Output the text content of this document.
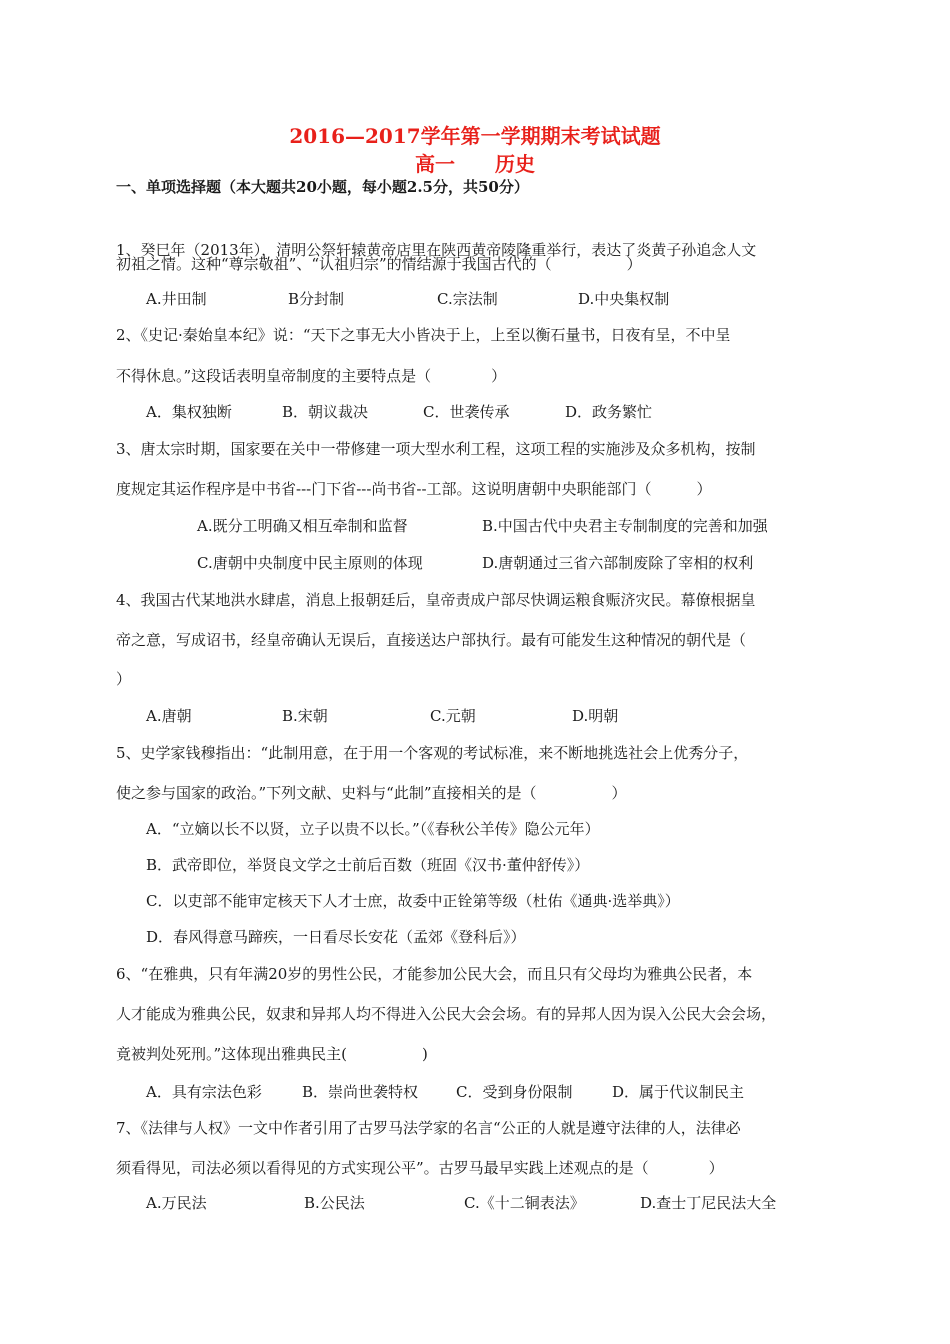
2016—2017学年第一学期期末考试试题
高一 历史
一、单项选择题（本大题共20小题，每小题2.5分，共50分）
1、癸巳年（2013年），清明公祭轩辕黄帝店里在陕西黄帝陵隆重举行，表达了炎黄子孙追念人文
初祖之情。这种“尊宗敬祖”、“认祖归宗”的情结源于我国古代的（　　　　　）
A.井田制	B分封制	C.宗法制	D.中央集权制
2、《史记·秦始皇本纪》说：“天下之事无大小皆决于上，上至以衡石量书，日夜有呈，不中呈
不得休息。”这段话表明皇帝制度的主要特点是（　　　　）
A．集权独断	B．朝议裁决	C．世袭传承	D．政务繁忙
3、唐太宗时期，国家要在关中一带修建一项大型水利工程，这项工程的实施涉及众多机构，按制
度规定其运作程序是中书省---门下省---尚书省--工部。这说明唐朝中央职能部门（　　　）
A.既分工明确又相互牵制和监督	B.中国古代中央君主专制制度的完善和加强
C.唐朝中央制度中民主原则的体现	D.唐朝通过三省六部制废除了宰相的权利
4、我国古代某地洪水肆虐，消息上报朝廷后，皇帝责成户部尽快调运粮食赈济灾民。幕僚根据皇
帝之意，写成诏书，经皇帝确认无误后，直接送达户部执行。最有可能发生这种情况的朝代是（
）
A.唐朝	B.宋朝	C.元朝	D.明朝
5、史学家钱穆指出：“此制用意，在于用一个客观的考试标准，来不断地挑选社会上优秀分子，
使之参与国家的政治。”下列文献、史料与“此制”直接相关的是（　　　　　）
A．“立嫡以长不以贤，立子以贵不以长。”（《春秋公羊传》隐公元年）
B．武帝即位，举贤良文学之士前后百数（班固《汉书·董仲舒传》）
C．以吏部不能审定核天下人才士庶，故委中正铨第等级（杜佑《通典·选举典》）
D．春风得意马蹄疾，一日看尽长安花（孟郊《登科后》）
6、“在雅典，只有年满20岁的男性公民，才能参加公民大会，而且只有父母均为雅典公民者，本
人才能成为雅典公民，奴隶和异邦人均不得进入公民大会会场。有的异邦人因为误入公民大会会场，
竟被判处死刑。”这体现出雅典民主(　　　　　)
A．具有宗法色彩	B．崇尚世袭特权	C．受到身份限制	D．属于代议制民主
7、《法律与人权》一文中作者引用了古罗马法学家的名言“公正的人就是遵守法律的人，法律必
须看得见，司法必须以看得见的方式实现公平”。古罗马最早实践上述观点的是（　　　　）
A.万民法	B.公民法	C.《十二铜表法》	D.查士丁尼民法大全
